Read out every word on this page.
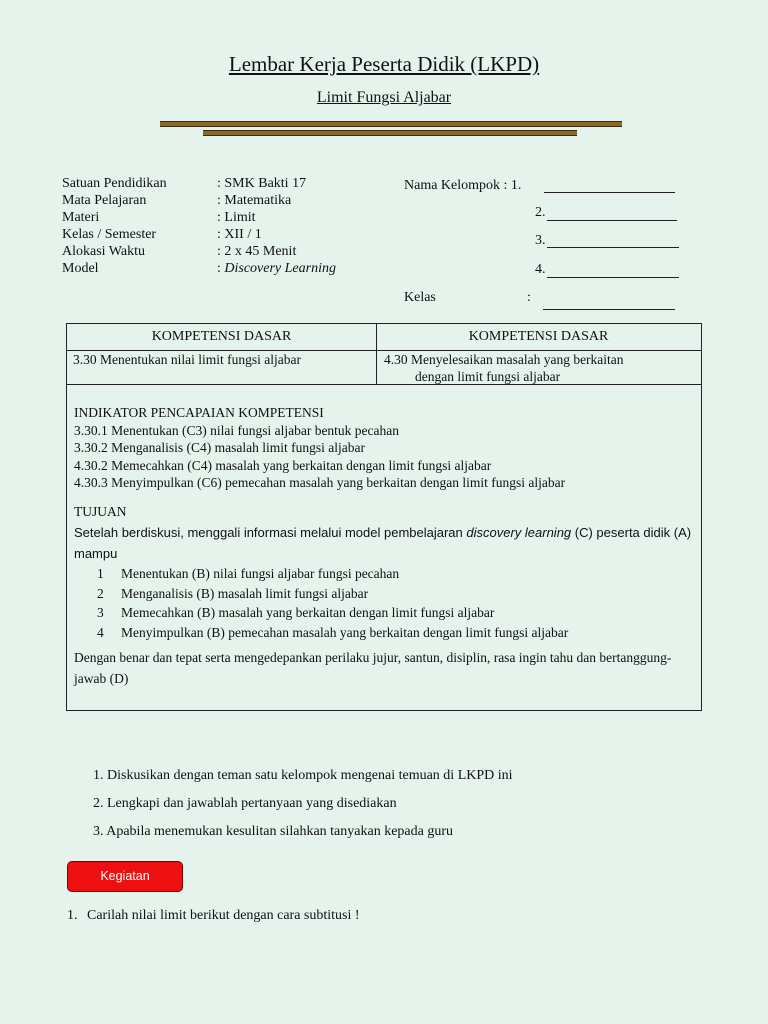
Lembar Kerja Peserta Didik (LKPD)
Limit Fungsi Aljabar
Satuan Pendidikan	: SMK Bakti 17
Mata Pelajaran	: Matematika
Materi	: Limit
Kelas / Semester	: XII / 1
Alokasi Waktu	: 2 x 45 Menit
Model	: Discovery Learning
Nama Kelompok : 1.
2.
3.
4.
Kelas	:
KOMPETENSI DASAR	KOMPETENSI DASAR
3.30 Menentukan nilai limit fungsi aljabar	4.30 Menyelesaikan masalah yang berkaitan
dengan limit fungsi aljabar
INDIKATOR PENCAPAIAN KOMPETENSI
3.30.1 Menentukan (C3) nilai fungsi aljabar bentuk pecahan
3.30.2 Menganalisis (C4) masalah limit fungsi aljabar
4.30.2 Memecahkan (C4) masalah yang berkaitan dengan limit fungsi aljabar
4.30.3 Menyimpulkan (C6) pemecahan masalah yang berkaitan dengan limit fungsi aljabar
TUJUAN
Setelah berdiskusi, menggali informasi melalui model pembelajaran discovery learning (C) peserta didik (A) mampu
1 Menentukan (B) nilai fungsi aljabar fungsi pecahan
2 Menganalisis (B) masalah limit fungsi aljabar
3 Memecahkan (B) masalah yang berkaitan dengan limit fungsi aljabar
4 Menyimpulkan (B) pemecahan masalah yang berkaitan dengan limit fungsi aljabar
Dengan benar dan tepat serta mengedepankan perilaku jujur, santun, disiplin, rasa ingin tahu dan bertanggung-jawab (D)
1. Diskusikan dengan teman satu kelompok mengenai temuan di LKPD ini
2. Lengkapi dan jawablah pertanyaan yang disediakan
3. Apabila menemukan kesulitan silahkan tanyakan kepada guru
Kegiatan
1. Carilah nilai limit berikut dengan cara subtitusi !
